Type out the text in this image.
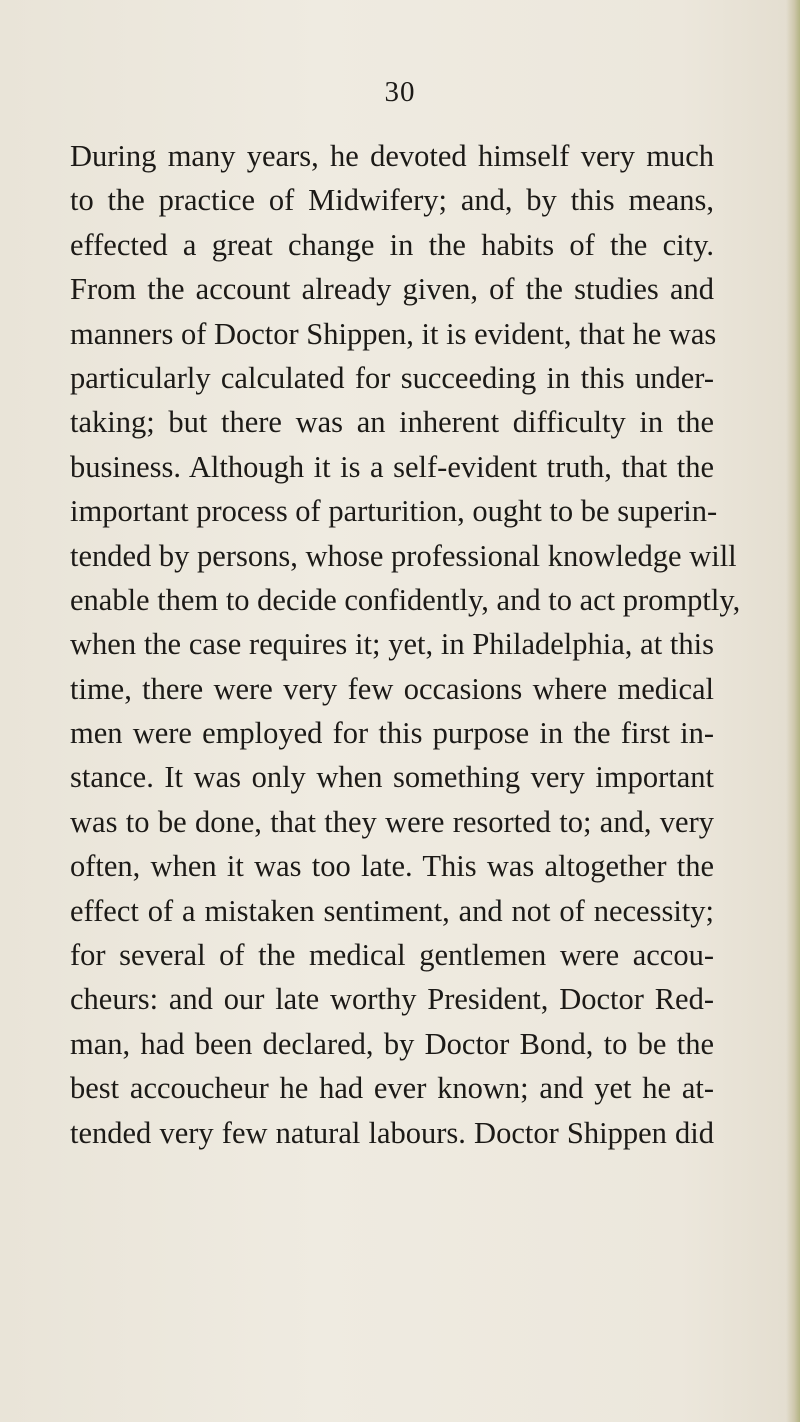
30
During many years, he devoted himself very much
to the practice of Midwifery; and, by this means,
effected a great change in the habits of the city.
From the account already given, of the studies and
manners of Doctor Shippen, it is evident, that he was
particularly calculated for succeeding in this under-
taking; but there was an inherent difficulty in the
business. Although it is a self-evident truth, that the
important process of parturition, ought to be superin-
tended by persons, whose professional knowledge will
enable them to decide confidently, and to act promptly,
when the case requires it; yet, in Philadelphia, at this
time, there were very few occasions where medical
men were employed for this purpose in the first in-
stance. It was only when something very important
was to be done, that they were resorted to; and, very
often, when it was too late. This was altogether the
effect of a mistaken sentiment, and not of necessity;
for several of the medical gentlemen were accou-
cheurs: and our late worthy President, Doctor Red-
man, had been declared, by Doctor Bond, to be the
best accoucheur he had ever known; and yet he at-
tended very few natural labours. Doctor Shippen did
